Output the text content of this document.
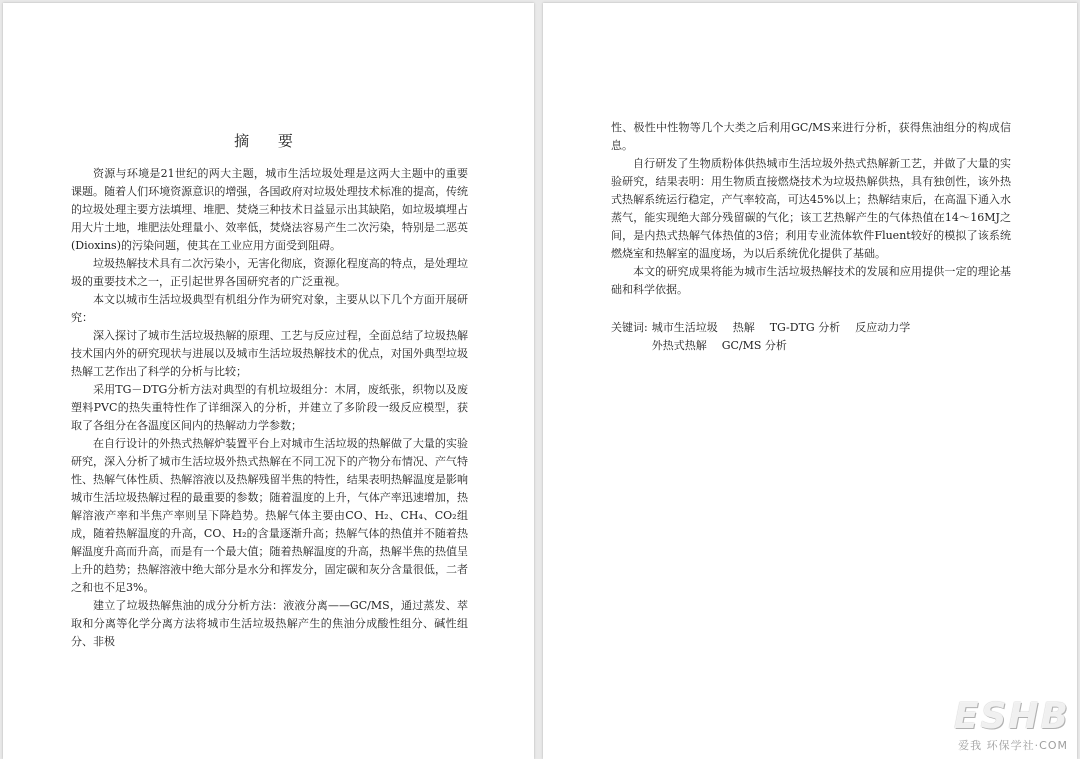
摘 要

资源与环境是21世纪的两大主题，城市生活垃圾处理是这两大主题中的重要课题。随着人们环境资源意识的增强，各国政府对垃圾处理技术标准的提高，传统的垃圾处理主要方法填埋、堆肥、焚烧三种技术日益显示出其缺陷，如垃圾填埋占用大片土地，堆肥法处理量小、效率低，焚烧法容易产生二次污染，特别是二恶英(Dioxins)的污染问题，使其在工业应用方面受到阻碍。

垃圾热解技术具有二次污染小，无害化彻底，资源化程度高的特点，是处理垃圾的重要技术之一，正引起世界各国研究者的广泛重视。

本文以城市生活垃圾典型有机组分作为研究对象，主要从以下几个方面开展研究：

深入探讨了城市生活垃圾热解的原理、工艺与反应过程，全面总结了垃圾热解技术国内外的研究现状与进展以及城市生活垃圾热解技术的优点，对国外典型垃圾热解工艺作出了科学的分析与比较；

采用TG－DTG分析方法对典型的有机垃圾组分：木屑，废纸张，织物以及废塑料PVC的热失重特性作了详细深入的分析，并建立了多阶段一级反应模型，获取了各组分在各温度区间内的热解动力学参数；

在自行设计的外热式热解炉装置平台上对城市生活垃圾的热解做了大量的实验研究，深入分析了城市生活垃圾外热式热解在不同工况下的产物分布情况、产气特性、热解气体性质、热解溶液以及热解残留半焦的特性，结果表明热解温度是影响城市生活垃圾热解过程的最重要的参数；随着温度的上升，气体产率迅速增加，热解溶液产率和半焦产率则呈下降趋势。热解气体主要由CO、H₂、CH₄、CO₂组成，随着热解温度的升高，CO、H₂的含量逐渐升高；热解气体的热值并不随着热解温度升高而升高，而是有一个最大值；随着热解温度的升高，热解半焦的热值呈上升的趋势；热解溶液中绝大部分是水分和挥发分，固定碳和灰分含量很低，二者之和也不足3%。

建立了垃圾热解焦油的成分分析方法：液液分离——GC/MS，通过蒸发、萃取和分离等化学分离方法将城市生活垃圾热解产生的焦油分成酸性组分、碱性组分、非极

性、极性中性物等几个大类之后利用GC/MS来进行分析，获得焦油组分的构成信息。

自行研发了生物质粉体供热城市生活垃圾外热式热解新工艺，并做了大量的实验研究，结果表明：用生物质直接燃烧技术为垃圾热解供热，具有独创性，该外热式热解系统运行稳定，产气率较高，可达45%以上；热解结束后，在高温下通入水蒸气，能实现绝大部分残留碳的气化；该工艺热解产生的气体热值在14～16MJ之间，是内热式热解气体热值的3倍；利用专业流体软件Fluent较好的模拟了该系统燃烧室和热解室的温度场，为以后系统优化提供了基础。

本文的研究成果将能为城市生活垃圾热解技术的发展和应用提供一定的理论基础和科学依据。

关键词: 城市生活垃圾 热解 TG-DTG 分析 反应动力学
外热式热解 GC/MS 分析
ESHB
爱我 环保学社·COM
